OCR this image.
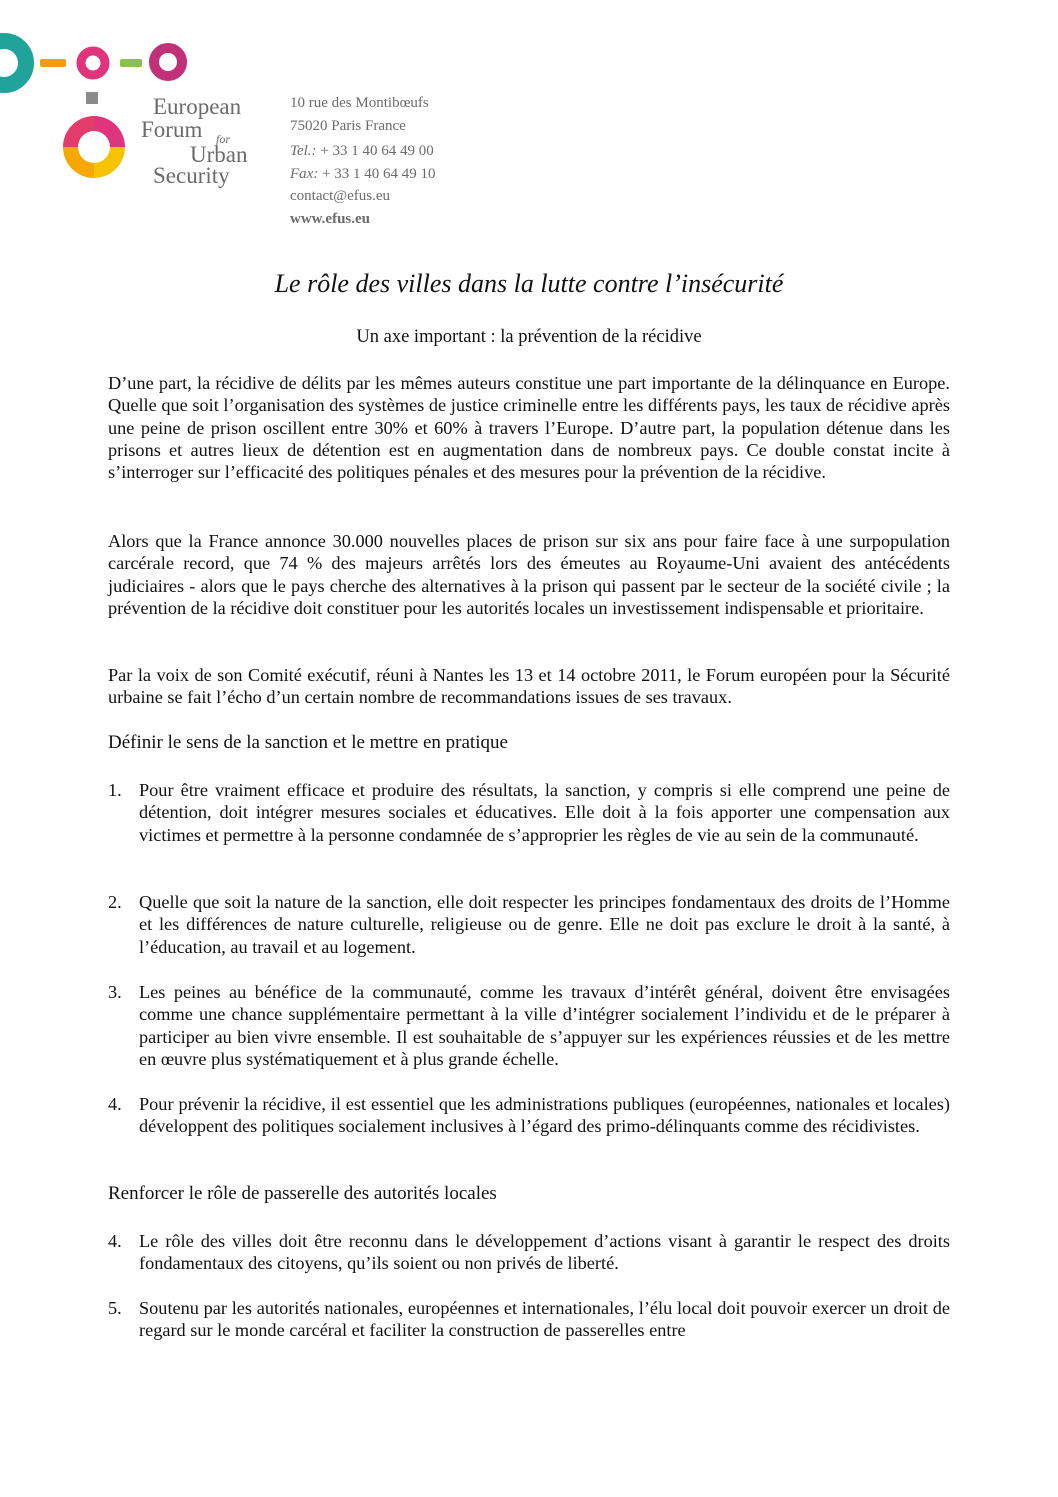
European
Forum for
Urban
Security
10 rue des Montibœufs
75020 Paris France
Tel.: + 33 1 40 64 49 00
Fax: + 33 1 40 64 49 10
contact@efus.eu
www.efus.eu
Le rôle des villes dans la lutte contre l’insécurité
Un axe important : la prévention de la récidive
D’une part, la récidive de délits par les mêmes auteurs constitue une part importante de la délinquance en Europe. Quelle que soit l’organisation des systèmes de justice criminelle entre les différents pays, les taux de récidive après une peine de prison oscillent entre 30% et 60% à travers l’Europe. D’autre part, la population détenue dans les prisons et autres lieux de détention est en augmentation dans de nombreux pays. Ce double constat incite à s’interroger sur l’efficacité des politiques pénales et des mesures pour la prévention de la récidive.
Alors que la France annonce 30.000 nouvelles places de prison sur six ans pour faire face à une surpopulation carcérale record, que 74 % des majeurs arrêtés lors des émeutes au Royaume-Uni avaient des antécédents judiciaires - alors que le pays cherche des alternatives à la prison qui passent par le secteur de la société civile ; la prévention de la récidive doit constituer pour les autorités locales un investissement indispensable et prioritaire.
Par la voix de son Comité exécutif, réuni à Nantes les 13 et 14 octobre 2011, le Forum européen pour la Sécurité urbaine se fait l’écho d’un certain nombre de recommandations issues de ses travaux.
Définir le sens de la sanction et le mettre en pratique
1. Pour être vraiment efficace et produire des résultats, la sanction, y compris si elle comprend une peine de détention, doit intégrer mesures sociales et éducatives. Elle doit à la fois apporter une compensation aux victimes et permettre à la personne condamnée de s’approprier les règles de vie au sein de la communauté.
2. Quelle que soit la nature de la sanction, elle doit respecter les principes fondamentaux des droits de l’Homme et les différences de nature culturelle, religieuse ou de genre. Elle ne doit pas exclure le droit à la santé, à l’éducation, au travail et au logement.
3. Les peines au bénéfice de la communauté, comme les travaux d’intérêt général, doivent être envisagées comme une chance supplémentaire permettant à la ville d’intégrer socialement l’individu et de le préparer à participer au bien vivre ensemble. Il est souhaitable de s’appuyer sur les expériences réussies et de les mettre en œuvre plus systématiquement et à plus grande échelle.
4. Pour prévenir la récidive, il est essentiel que les administrations publiques (européennes, nationales et locales) développent des politiques socialement inclusives à l’égard des primo-délinquants comme des récidivistes.
Renforcer le rôle de passerelle des autorités locales
4. Le rôle des villes doit être reconnu dans le développement d’actions visant à garantir le respect des droits fondamentaux des citoyens, qu’ils soient ou non privés de liberté.
5. Soutenu par les autorités nationales, européennes et internationales, l’élu local doit pouvoir exercer un droit de regard sur le monde carcéral et faciliter la construction de passerelles entre
